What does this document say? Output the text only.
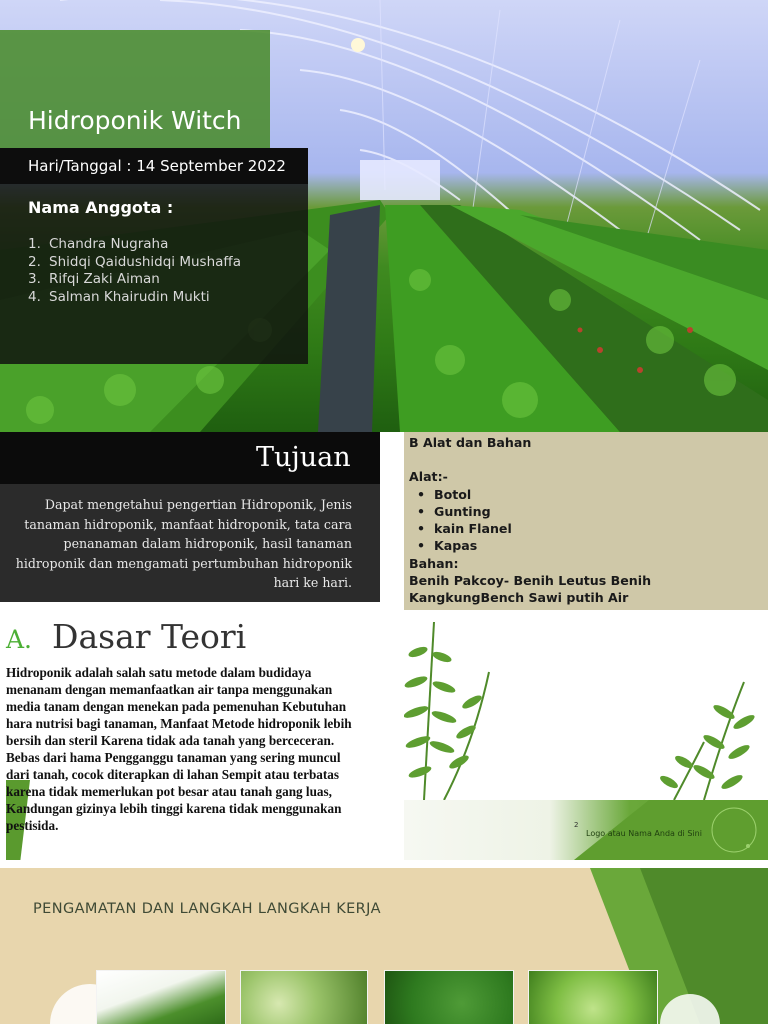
Hidroponik Witch
Hari/Tanggal : 14 September 2022
Nama Anggota :
1. Chandra Nugraha
2. Shidqi Qaidushidqi Mushaffa
3. Rifqi Zaki Aiman
4. Salman Khairudin Mukti
Tujuan
Dapat mengetahui pengertian Hidroponik, Jenis tanaman hidroponik, manfaat hidroponik, tata cara penanaman dalam hidroponik, hasil tanaman hidroponik dan mengamati pertumbuhan hidroponik hari ke hari.
B Alat dan Bahan
Alat:-
• Botol
• Gunting
• kain Flanel
• Kapas
Bahan:
Benih Pakcoy- Benih Leutus Benih KangkungBench Sawi putih Air
A. Dasar Teori
Hidroponik adalah salah satu metode dalam budidaya menanam dengan memanfaatkan air tanpa menggunakan media tanam dengan menekan pada pemenuhan Kebutuhan hara nutrisi bagi tanaman, Manfaat Metode hidroponik lebih bersih dan steril Karena tidak ada tanah yang berceceran. Bebas dari hama Pengganggu tanaman yang sering muncul dari tanah, cocok diterapkan di lahan Sempit atau terbatas karena tidak memerlukan pot besar atau tanah gang luas, Kandungan gizinya lebih tinggi karena tidak menggunakan pestisida.	2
Logo atau Nama Anda di Sini
PENGAMATAN DAN LANGKAH LANGKAH KERJA
